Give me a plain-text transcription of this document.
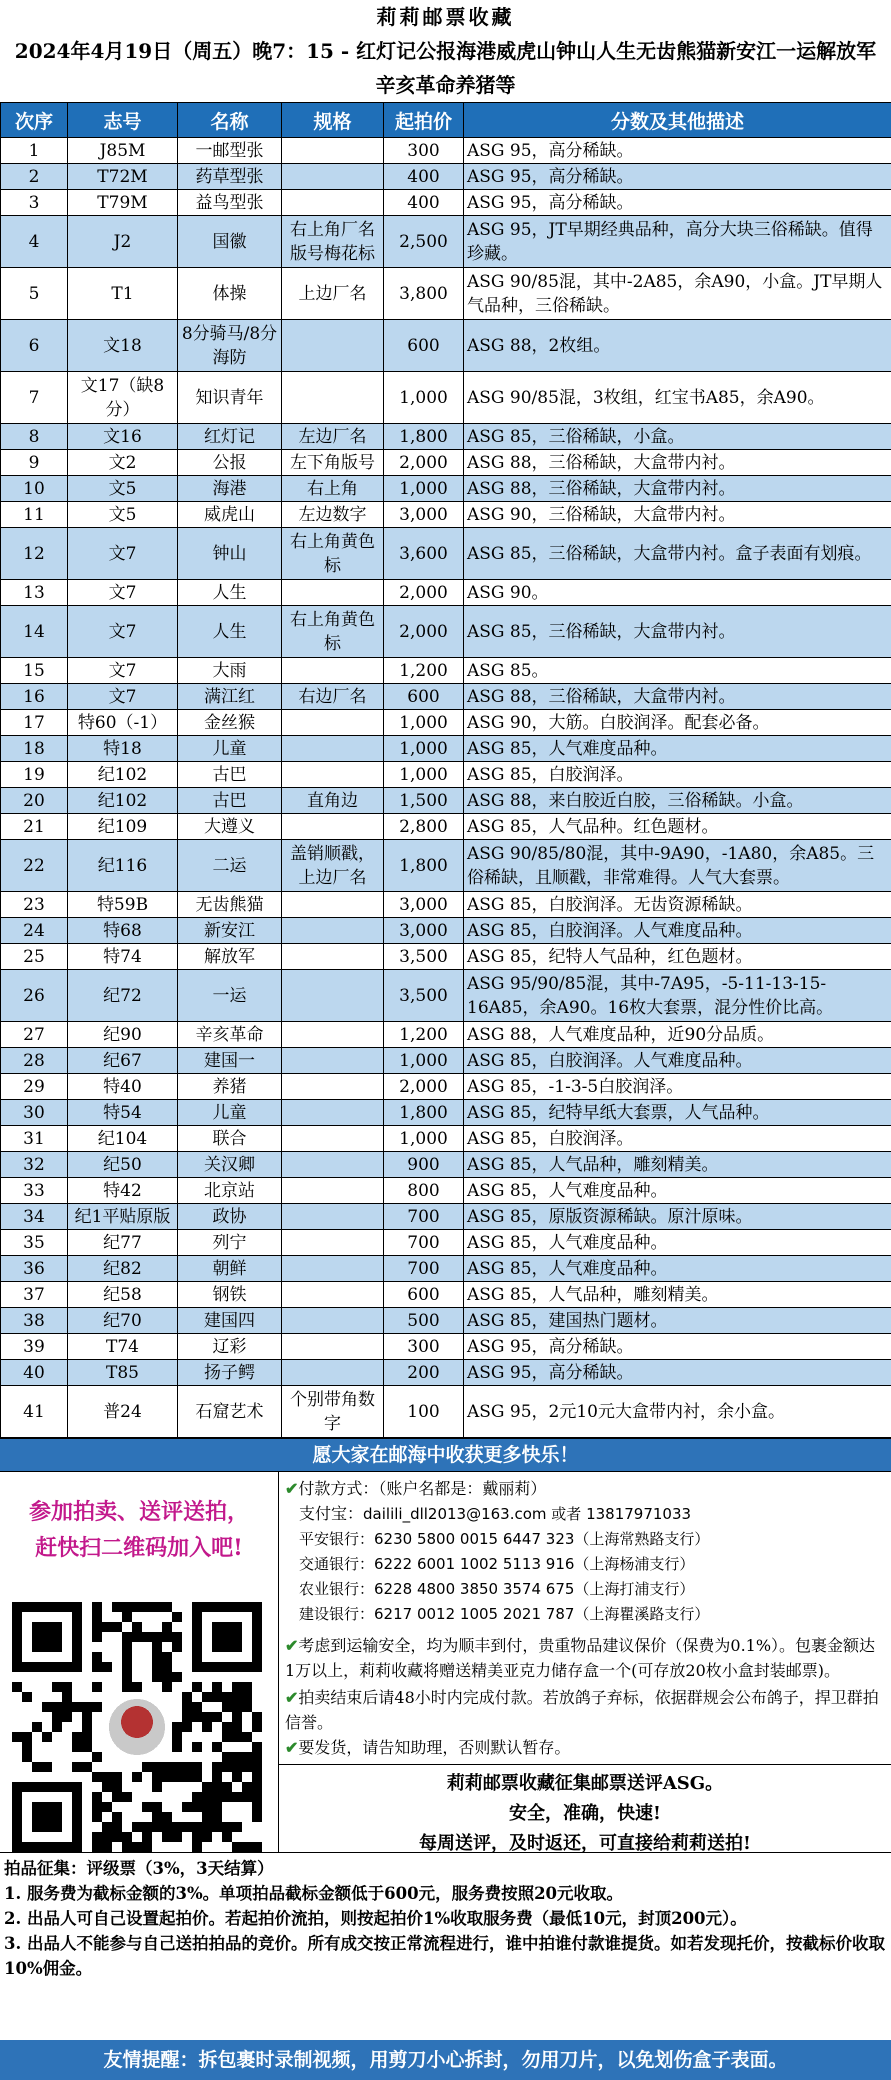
莉莉邮票收藏
2024年4月19日（周五）晚7：15 - 红灯记公报海港威虎山钟山人生无齿熊猫新安江一运解放军辛亥革命养猪等
次序	志号	名称	规格	起拍价	分数及其他描述
1	J85M	一邮型张		300	ASG 95，高分稀缺。
2	T72M	药草型张		400	ASG 95，高分稀缺。
3	T79M	益鸟型张		400	ASG 95，高分稀缺。
4	J2	国徽	右上角厂名版号梅花标	2,500	ASG 95，JT早期经典品种，高分大块三俗稀缺。值得珍藏。
5	T1	体操	上边厂名	3,800	ASG 90/85混，其中-2A85，余A90，小盒。JT早期人气品种，三俗稀缺。
6	文18	8分骑马/8分海防		600	ASG 88，2枚组。
7	文17（缺8分）	知识青年		1,000	ASG 90/85混，3枚组，红宝书A85，余A90。
8	文16	红灯记	左边厂名	1,800	ASG 85，三俗稀缺，小盒。
9	文2	公报	左下角版号	2,000	ASG 88，三俗稀缺，大盒带内衬。
10	文5	海港	右上角	1,000	ASG 88，三俗稀缺，大盒带内衬。
11	文5	威虎山	左边数字	3,000	ASG 90，三俗稀缺，大盒带内衬。
12	文7	钟山	右上角黄色标	3,600	ASG 85，三俗稀缺，大盒带内衬。盒子表面有划痕。
13	文7	人生		2,000	ASG 90。
14	文7	人生	右上角黄色标	2,000	ASG 85，三俗稀缺，大盒带内衬。
15	文7	大雨		1,200	ASG 85。
16	文7	满江红	右边厂名	600	ASG 88，三俗稀缺，大盒带内衬。
17	特60（-1）	金丝猴		1,000	ASG 90，大筋。白胶润泽。配套必备。
18	特18	儿童		1,000	ASG 85，人气难度品种。
19	纪102	古巴		1,000	ASG 85，白胶润泽。
20	纪102	古巴	直角边	1,500	ASG 88，来白胶近白胶，三俗稀缺。小盒。
21	纪109	大遵义		2,800	ASG 85，人气品种。红色题材。
22	纪116	二运	盖销顺戳，上边厂名	1,800	ASG 90/85/80混，其中-9A90，-1A80，余A85。三俗稀缺，且顺戳，非常难得。人气大套票。
23	特59B	无齿熊猫		3,000	ASG 85，白胶润泽。无齿资源稀缺。
24	特68	新安江		3,000	ASG 85，白胶润泽。人气难度品种。
25	特74	解放军		3,500	ASG 85，纪特人气品种，红色题材。
26	纪72	一运		3,500	ASG 95/90/85混，其中-7A95，-5-11-13-15-16A85，余A90。16枚大套票，混分性价比高。
27	纪90	辛亥革命		1,200	ASG 88，人气难度品种，近90分品质。
28	纪67	建国一		1,000	ASG 85，白胶润泽。人气难度品种。
29	特40	养猪		2,000	ASG 85，-1-3-5白胶润泽。
30	特54	儿童		1,800	ASG 85，纪特早纸大套票，人气品种。
31	纪104	联合		1,000	ASG 85，白胶润泽。
32	纪50	关汉卿		900	ASG 85，人气品种，雕刻精美。
33	特42	北京站		800	ASG 85，人气难度品种。
34	纪1平贴原版	政协		700	ASG 85，原版资源稀缺。原汁原味。
35	纪77	列宁		700	ASG 85，人气难度品种。
36	纪82	朝鲜		700	ASG 85，人气难度品种。
37	纪58	钢铁		600	ASG 85，人气品种，雕刻精美。
38	纪70	建国四		500	ASG 85，建国热门题材。
39	T74	辽彩		300	ASG 95，高分稀缺。
40	T85	扬子鳄		200	ASG 95，高分稀缺。
41	普24	石窟艺术	个别带角数字	100	ASG 95，2元10元大盒带内衬，余小盒。
愿大家在邮海中收获更多快乐！
参加拍卖、送评送拍，
赶快扫二维码加入吧!
✔付款方式：（账户名都是：戴丽莉）
支付宝：dailili_dll2013@163.com 或者 13817971033
平安银行：6230 5800 0015 6447 323（上海常熟路支行）
交通银行：6222 6001 1002 5113 916（上海杨浦支行）
农业银行：6228 4800 3850 3574 675（上海打浦支行）
建设银行：6217 0012 1005 2021 787（上海瞿溪路支行）

✔考虑到运输安全，均为顺丰到付，贵重物品建议保价（保费为0.1%）。包裹金额达1万以上，莉莉收藏将赠送精美亚克力储存盒一个(可存放20枚小盒封装邮票)。

✔拍卖结束后请48小时内完成付款。若放鸽子弃标，依据群规会公布鸽子，捍卫群拍信誉。

✔要发货，请告知助理，否则默认暂存。

莉莉邮票收藏征集邮票送评ASG。
安全，准确，快速!
每周送评，及时返还，可直接给莉莉送拍!
拍品征集：评级票（3%，3天结算）
1. 服务费为截标金额的3%。单项拍品截标金额低于600元，服务费按照20元收取。
2. 出品人可自己设置起拍价。若起拍价流拍，则按起拍价1%收取服务费（最低10元，封顶200元）。
3. 出品人不能参与自己送拍拍品的竞价。所有成交按正常流程进行，谁中拍谁付款谁提货。如若发现托价，按截标价收取10%佣金。
友情提醒：拆包裹时录制视频，用剪刀小心拆封，勿用刀片，以免划伤盒子表面。
